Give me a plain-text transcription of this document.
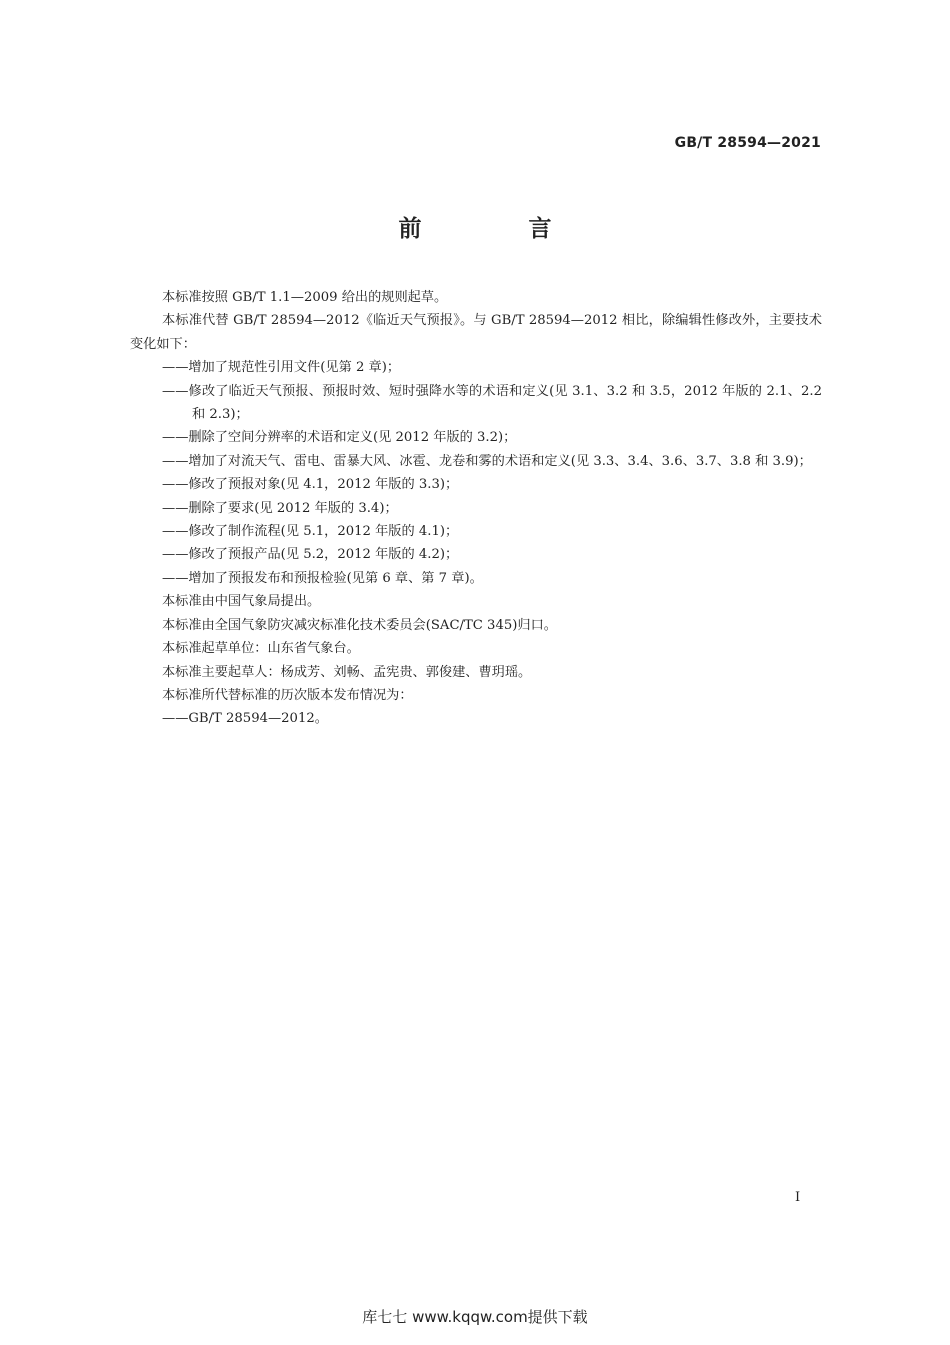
GB/T 28594—2021
前　言

本标准按照 GB/T 1.1—2009 给出的规则起草。

本标准代替 GB/T 28594—2012《临近天气预报》。与 GB/T 28594—2012 相比，除编辑性修改外，主要技术变化如下：

——增加了规范性引用文件(见第 2 章)；

——修改了临近天气预报、预报时效、短时强降水等的术语和定义(见 3.1、3.2 和 3.5，2012 年版的 2.1、2.2 和 2.3)；

——删除了空间分辨率的术语和定义(见 2012 年版的 3.2)；

——增加了对流天气、雷电、雷暴大风、冰雹、龙卷和雾的术语和定义(见 3.3、3.4、3.6、3.7、3.8 和 3.9)；

——修改了预报对象(见 4.1，2012 年版的 3.3)；

——删除了要求(见 2012 年版的 3.4)；

——修改了制作流程(见 5.1，2012 年版的 4.1)；

——修改了预报产品(见 5.2，2012 年版的 4.2)；

——增加了预报发布和预报检验(见第 6 章、第 7 章)。

本标准由中国气象局提出。

本标准由全国气象防灾减灾标准化技术委员会(SAC/TC 345)归口。

本标准起草单位：山东省气象台。

本标准主要起草人：杨成芳、刘畅、孟宪贵、郭俊建、曹玥瑶。

本标准所代替标准的历次版本发布情况为：

——GB/T 28594—2012。

I
库七七 www.kqqw.com提供下载
